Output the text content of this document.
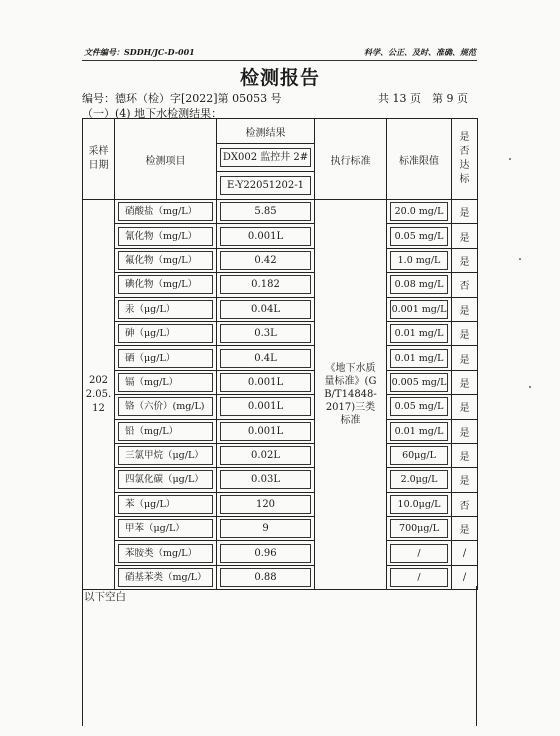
文件编号：SDDH/JC-D-001	科学、公正、及时、准确、规范
检测报告
编号：德环（检）字[2022]第 05053 号	共 13 页　第 9 页
（一）(4) 地下水检测结果：
采样日期	检测项目	检测结果	执行标准	标准限值	是否达标

		DX002 监控井 2#			

		E-Y22051202-1			

2022.05.12	硝酸盐（mg/L）	5.85	《地下水质量标准》(GB/T14848-2017)三类标准	20.0 mg/L	是

	氰化物（mg/L）	0.001L		0.05 mg/L	是

	氟化物（mg/L）	0.42		1.0 mg/L	是

	碘化物（mg/L）	0.182		0.08 mg/L	否

	汞（μg/L）	0.04L		0.001 mg/L	是

	砷（μg/L）	0.3L		0.01 mg/L	是

	硒（μg/L）	0.4L		0.01 mg/L	是

	镉（mg/L）	0.001L		0.005 mg/L	是

	铬（六价）(mg/L)	0.001L		0.05 mg/L	是

	铅（mg/L）	0.001L		0.01 mg/L	是

	三氯甲烷（μg/L）	0.02L		60μg/L	是

	四氯化碳（μg/L）	0.03L		2.0μg/L	是

	苯（μg/L）	120		10.0μg/L	否

	甲苯（μg/L）	9		700μg/L	是

	苯胺类（mg/L）	0.96		/	/

	硝基苯类（mg/L）	0.88		/	/
以下空白
